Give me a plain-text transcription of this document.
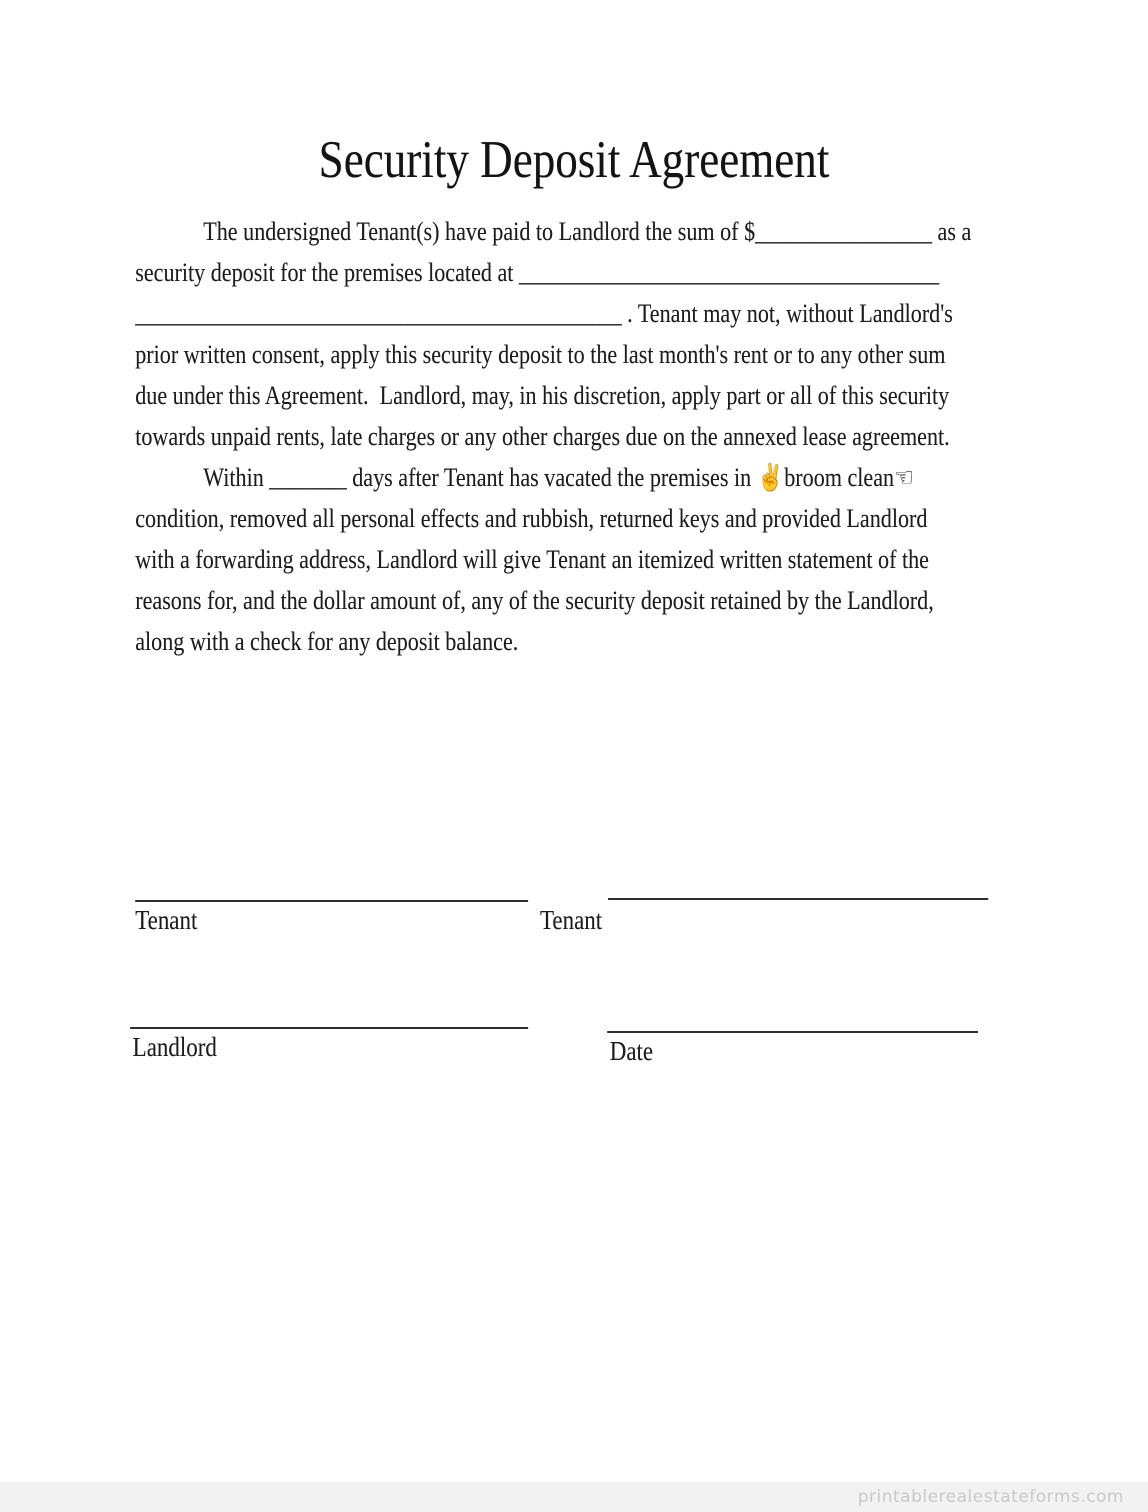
Security Deposit Agreement
The undersigned Tenant(s) have paid to Landlord the sum of $________________ as a
security deposit for the premises located at ______________________________________
____________________________________________ . Tenant may not, without Landlord's
prior written consent, apply this security deposit to the last month's rent or to any other sum
due under this Agreement.  Landlord, may, in his discretion, apply part or all of this security
towards unpaid rents, late charges or any other charges due on the annexed lease agreement.
Within _______ days after Tenant has vacated the premises in ✌broom clean☜
condition, removed all personal effects and rubbish, returned keys and provided Landlord
with a forwarding address, Landlord will give Tenant an itemized written statement of the
reasons for, and the dollar amount of, any of the security deposit retained by the Landlord,
along with a check for any deposit balance.
Tenant	Tenant
Landlord	Date
printablerealestateforms.com
